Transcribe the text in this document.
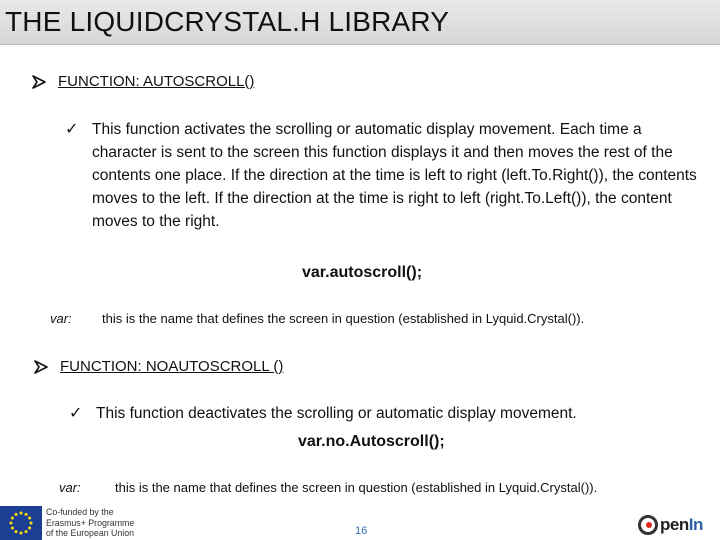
THE LIQUIDCRYSTAL.H LIBRARY
FUNCTION: AUTOSCROLL()
✓ This function activates the scrolling or automatic display movement. Each time a character is sent to the screen this function displays it and then moves the rest of the contents one place. If the direction at the time is left to right (left.To.Right()), the contents moves to the left. If the direction at the time is right to left (right.To.Left()), the content moves to the right.
var.autoscroll();
var:	this is the name that defines the screen in question (established in Lyquid.Crystal()).
FUNCTION: NOAUTOSCROLL ()
✓ This function deactivates the scrolling or automatic display movement.
var.no.Autoscroll();
var:	this is the name that defines the screen in question (established in Lyquid.Crystal()).
Co-funded by the
Erasmus+ Programme
of the European Union	16	penIn
